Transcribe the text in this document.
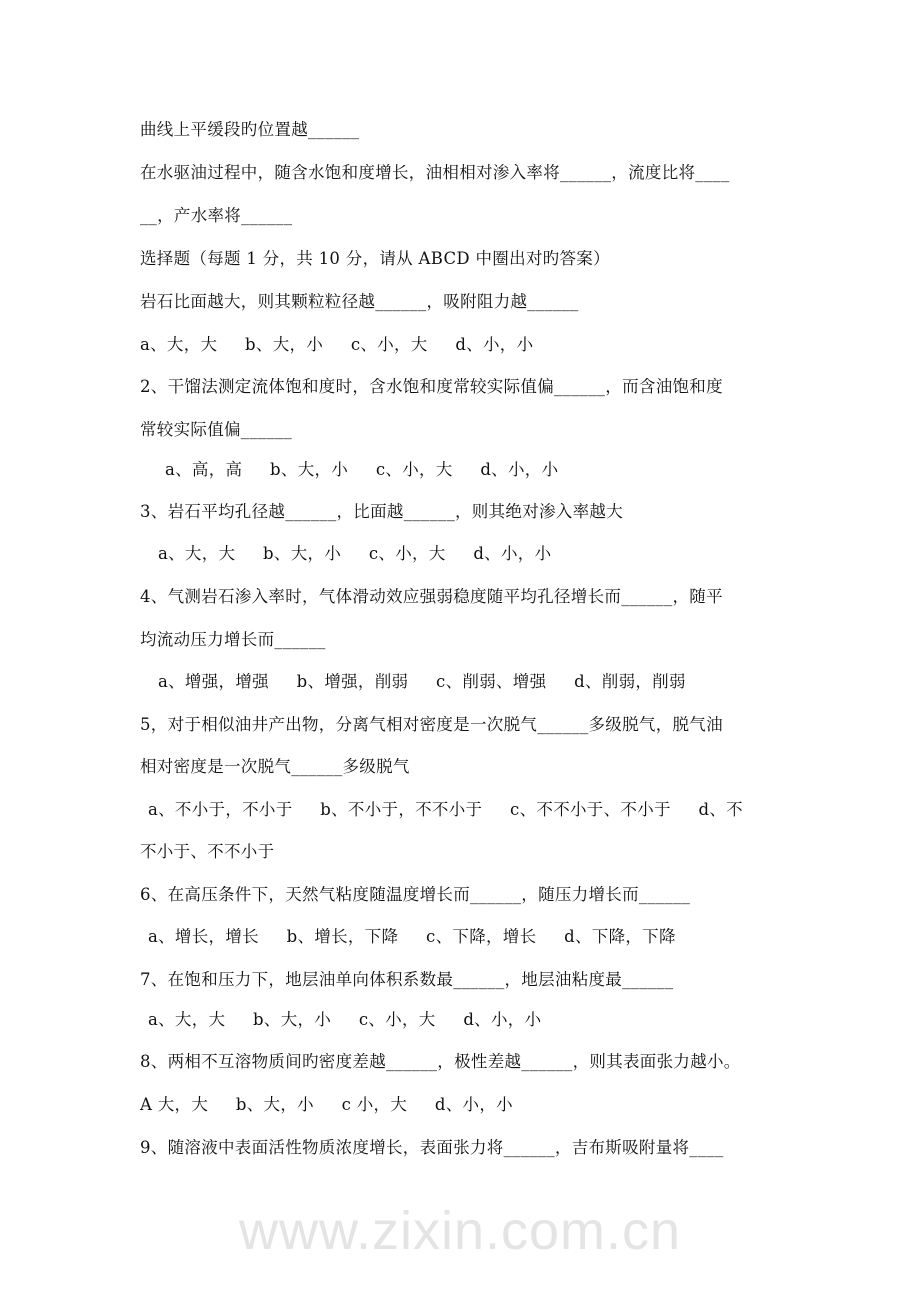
曲线上平缓段旳位置越______
在水驱油过程中，随含水饱和度增长，油相相对渗入率将______，流度比将____
__，产水率将______
选择题（每题 1 分，共 10 分，请从 ABCD 中圈出对旳答案）
岩石比面越大，则其颗粒粒径越______，吸附阻力越______
a、大，大     b、大，小     c、小，大     d、小，小
2、干馏法测定流体饱和度时，含水饱和度常较实际值偏______，而含油饱和度
常较实际值偏______
a、高，高     b、大，小     c、小，大     d、小，小
3、岩石平均孔径越______，比面越______，则其绝对渗入率越大
a、大，大     b、大，小     c、小，大     d、小，小
4、气测岩石渗入率时，气体滑动效应强弱稳度随平均孔径增长而______，随平
均流动压力增长而______
a、增强，增强     b、增强，削弱     c、削弱、增强     d、削弱，削弱
5，对于相似油井产出物，分离气相对密度是一次脱气______多级脱气，脱气油
相对密度是一次脱气______多级脱气
a、不小于，不小于     b、不小于，不不小于     c、不不小于、不小于     d、不
不小于、不不小于
6、在高压条件下，天然气粘度随温度增长而______，随压力增长而______
a、增长，增长     b、增长，下降     c、下降，增长     d、下降，下降
7、在饱和压力下，地层油单向体积系数最______，地层油粘度最______
a、大，大     b、大，小     c、小，大     d、小，小
8、两相不互溶物质间旳密度差越______，极性差越______，则其表面张力越小。
A 大，大     b、大，小     c 小，大     d、小，小
9、随溶液中表面活性物质浓度增长，表面张力将______，吉布斯吸附量将____
www.zixin.com.cn
